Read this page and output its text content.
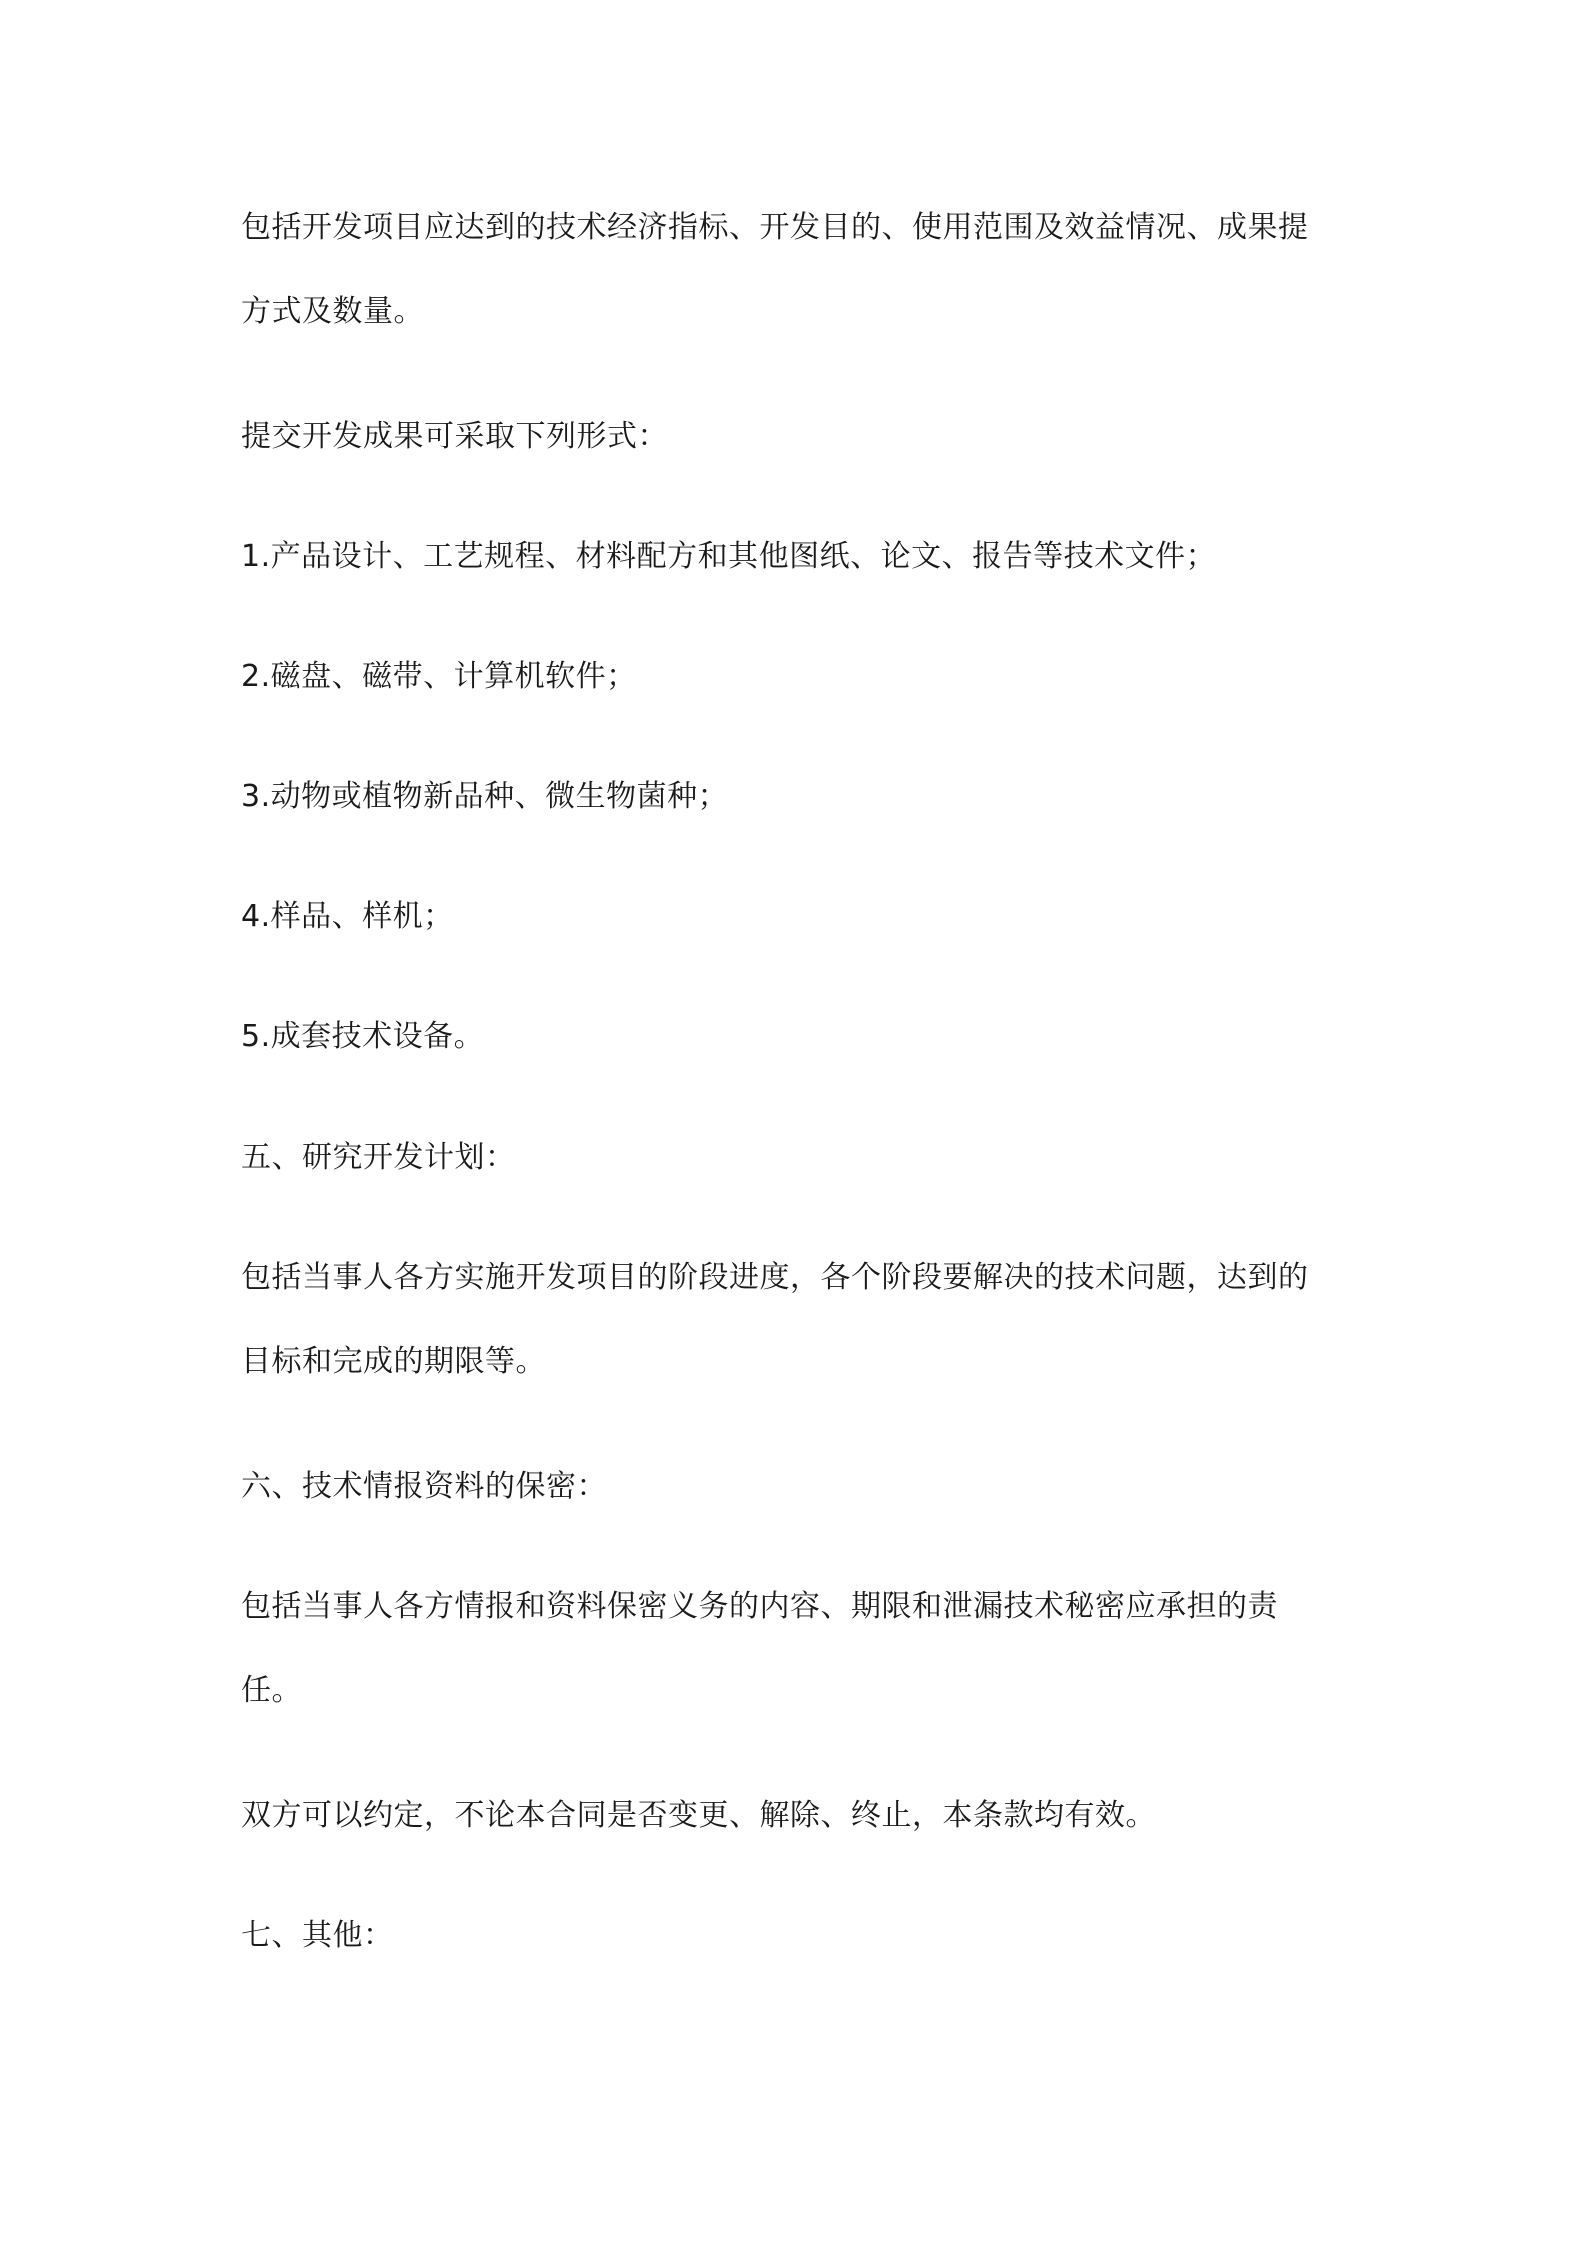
包括开发项目应达到的技术经济指标、开发目的、使用范围及效益情况、成果提
方式及数量。

提交开发成果可采取下列形式：

1.产品设计、工艺规程、材料配方和其他图纸、论文、报告等技术文件；

2.磁盘、磁带、计算机软件；

3.动物或植物新品种、微生物菌种；

4.样品、样机；

5.成套技术设备。

五、研究开发计划：

包括当事人各方实施开发项目的阶段进度，各个阶段要解决的技术问题，达到的
目标和完成的期限等。

六、技术情报资料的保密：

包括当事人各方情报和资料保密义务的内容、期限和泄漏技术秘密应承担的责
任。

双方可以约定，不论本合同是否变更、解除、终止，本条款均有效。

七、其他：
